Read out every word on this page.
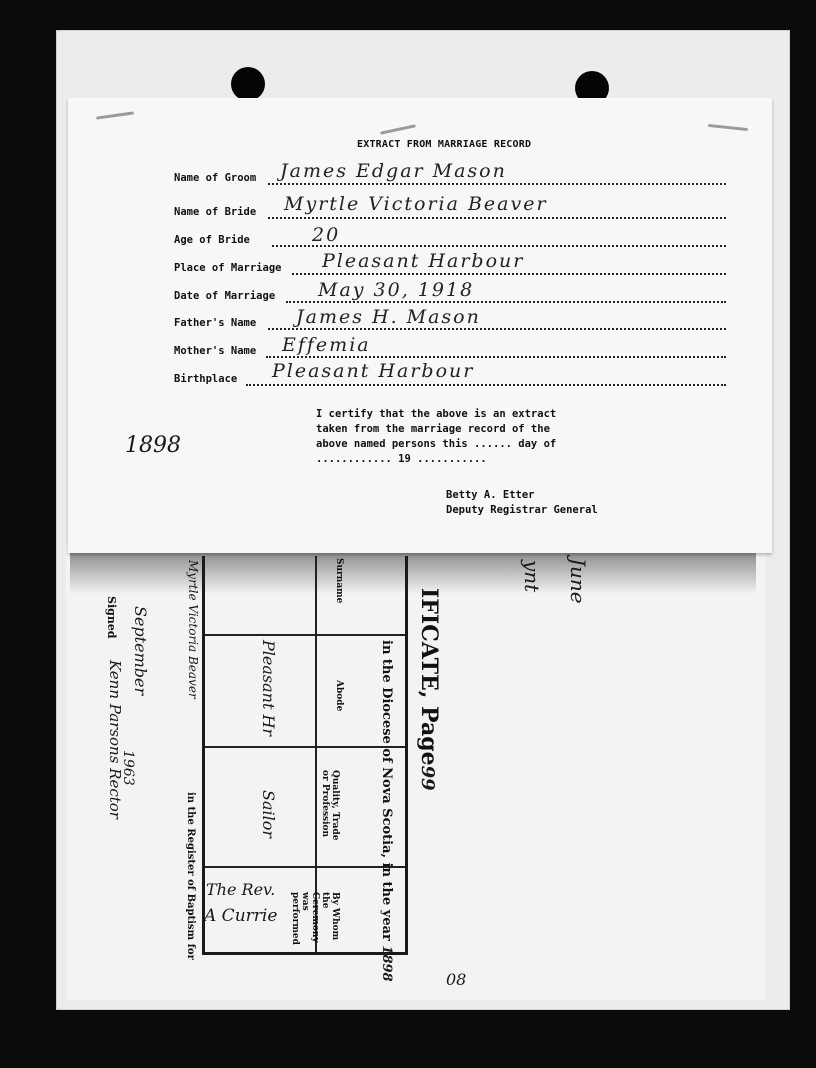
IFICATE, Page99
in the Diocese of Nova Scotia, in the year 1898
Surname
Abode
Quality, Trade or Profession
By Whom the Ceremony was performed
Pleasant Hr
Sailor
The Rev.
A Currie
Myrtle Victoria Beaver
in the Register of Baptism for
September
1963
Signed
Kenn Parsons Rector
June
ynt
08
EXTRACT FROM MARRIAGE RECORD
Name of Groom James Edgar Mason
Name of Bride Myrtle Victoria Beaver
Age of Bride	20
Place of Marriage Pleasant Harbour
Date of Marriage May 30, 1918
Father's Name James H. Mason
Mother's Name Effemia
Birthplace Pleasant Harbour
I certify that the above is an extract
taken from the marriage record of the
above named persons this ...... day of
............ 19 ...........
1898
Betty A. Etter
Deputy Registrar General
